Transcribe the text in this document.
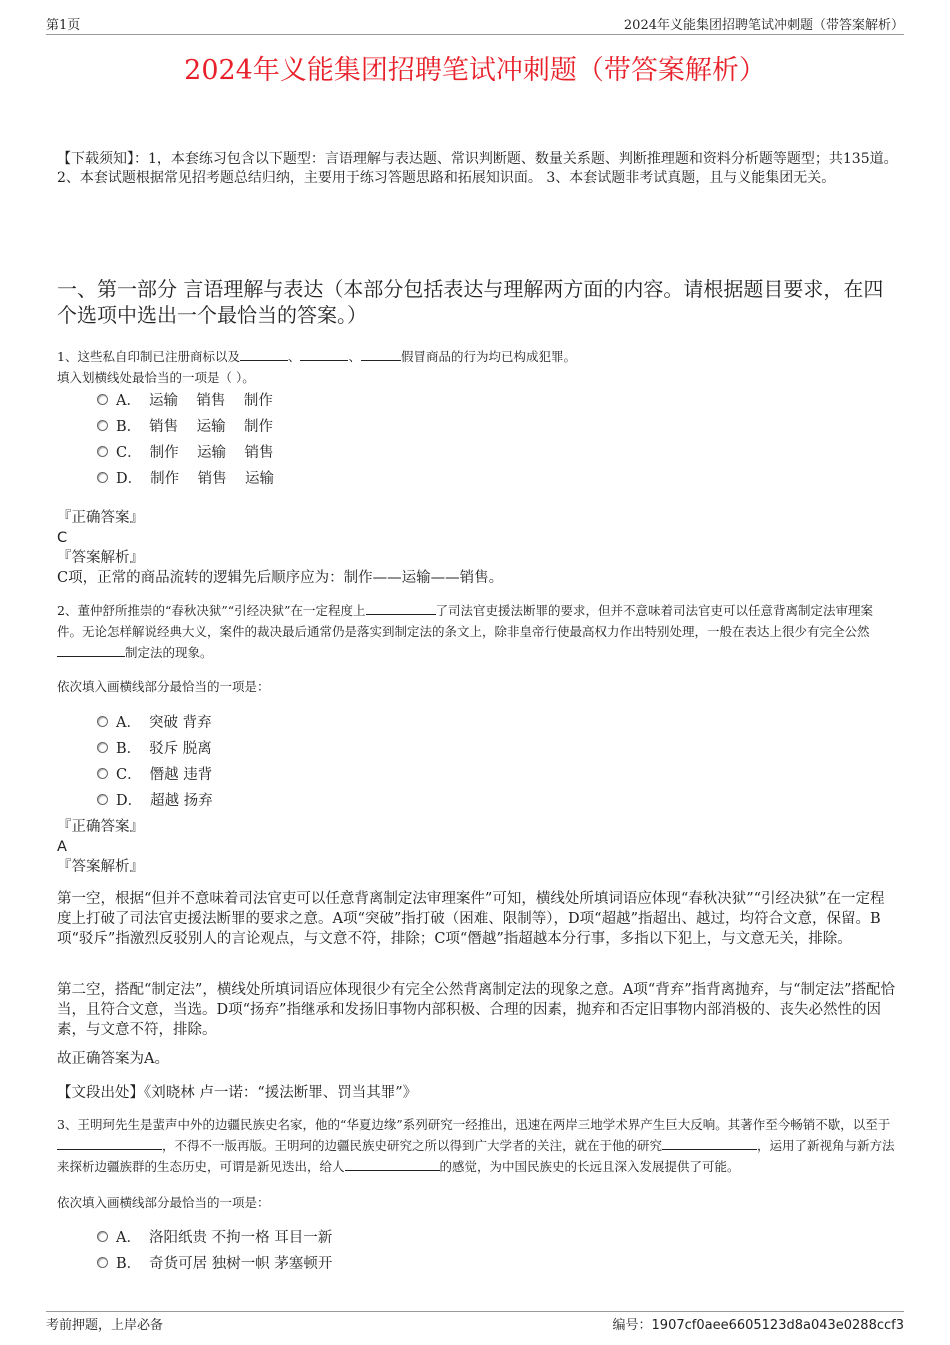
第1页	2024年义能集团招聘笔试冲刺题（带答案解析）
2024年义能集团招聘笔试冲刺题（带答案解析）
【下载须知】：1，本套练习包含以下题型：言语理解与表达题、常识判断题、数量关系题、判断推理题和资料分析题等题型；共135道。 2、本套试题根据常见招考题总结归纳，主要用于练习答题思路和拓展知识面。 3、本套试题非考试真题，且与义能集团无关。
一、第一部分 言语理解与表达（本部分包括表达与理解两方面的内容。请根据题目要求，在四个选项中选出一个最恰当的答案。）
1、这些私自印制已注册商标以及	、	、	假冒商品的行为均已构成犯罪。
填入划横线处最恰当的一项是（ ）。
A． 运输    销售    制作
B． 销售    运输    制作
C． 制作    运输    销售
D． 制作    销售    运输
『正确答案』
C
『答案解析』
C项，正常的商品流转的逻辑先后顺序应为：制作——运输——销售。
2、董仲舒所推崇的“春秋决狱”“引经决狱”在一定程度上	了司法官吏援法断罪的要求，但并不意味着司法官吏可以任意背离制定法审理案件。无论怎样解说经典大义，案件的裁决最后通常仍是落实到制定法的条文上，除非皇帝行使最高权力作出特别处理，一般在表达上很少有完全公然制定法的现象。
依次填入画横线部分最恰当的一项是：
A． 突破 背弃
B． 驳斥 脱离
C． 僭越 违背
D． 超越 扬弃
『正确答案』
A
『答案解析』
第一空，根据“但并不意味着司法官吏可以任意背离制定法审理案件”可知，横线处所填词语应体现“春秋决狱”“引经决狱”在一定程度上打破了司法官吏援法断罪的要求之意。A项“突破”指打破（困难、限制等），D项“超越”指超出、越过，均符合文意，保留。B项“驳斥”指激烈反驳别人的言论观点，与文意不符，排除；C项“僭越”指超越本分行事，多指以下犯上，与文意无关，排除。
第二空，搭配“制定法”，横线处所填词语应体现很少有完全公然背离制定法的现象之意。A项“背弃”指背离抛弃，与“制定法”搭配恰当，且符合文意，当选。D项“扬弃”指继承和发扬旧事物内部积极、合理的因素，抛弃和否定旧事物内部消极的、丧失必然性的因素，与文意不符，排除。
故正确答案为A。
【文段出处】《刘晓林 卢一诺：“援法断罪、罚当其罪”》
3、王明珂先生是蜚声中外的边疆民族史名家，他的“华夏边缘”系列研究一经推出，迅速在两岸三地学术界产生巨大反响。其著作至今畅销不歇，以至于，不得不一版再版。王明珂的边疆民族史研究之所以得到广大学者的关注，就在于他的研究	，运用了新视角与新方法来探析边疆族群的生态历史，可谓是新见迭出，给人	的感觉，为中国民族史的长远且深入发展提供了可能。
依次填入画横线部分最恰当的一项是：
A． 洛阳纸贵 不拘一格 耳目一新
B． 奇货可居 独树一帜 茅塞顿开
考前押题，上岸必备	编号：1907cf0aee6605123d8a043e0288ccf3
